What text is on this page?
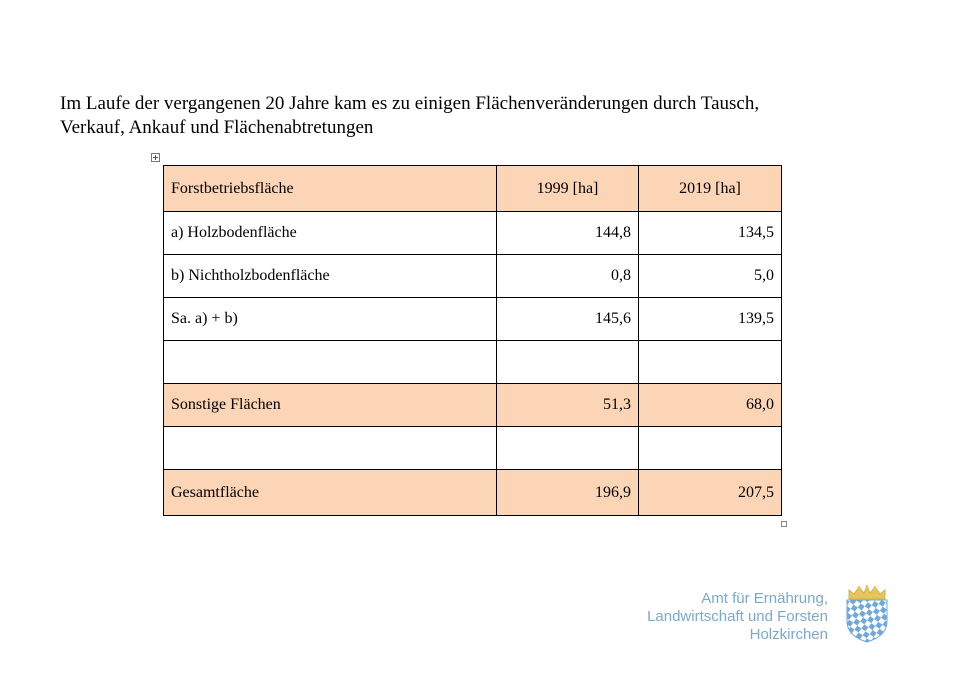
Im Laufe der vergangenen 20 Jahre kam es zu einigen Flächenveränderungen durch Tausch,
Verkauf, Ankauf und Flächenabtretungen
Forstbetriebsfläche	1999 [ha]	2019 [ha]
a) Holzbodenfläche	144,8	134,5
b) Nichtholzbodenfläche	0,8	5,0
Sa. a) + b)	145,6	139,5

Sonstige Flächen	51,3	68,0

Gesamtfläche	196,9	207,5
Amt für Ernährung,
Landwirtschaft und Forsten
Holzkirchen
